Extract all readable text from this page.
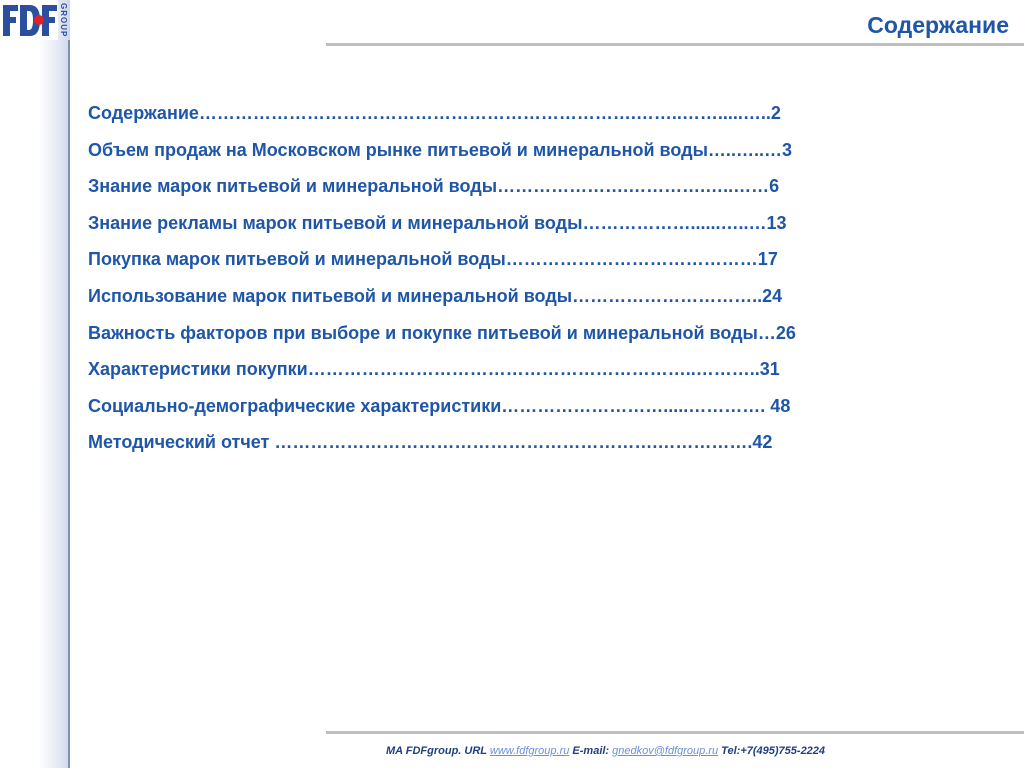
GROUP	Содержание
Содержание……………………………………………………………….……..…….....…..2
Объем продаж на Московском рынке питьевой и минеральной воды…..…..…3
Знание марок питьевой и минеральной воды………………….………….…..……6
Знание рекламы марок питьевой и минеральной воды………………......…..…13
Покупка марок питьевой и минеральной воды……………………………………17
Использование марок питьевой и минеральной воды…………………………..24
Важность факторов при выборе и покупке питьевой и минеральной воды…26
Характеристики покупки………………………………………………………..………..31
Социально-демографические характеристики……………………….....…………. 48
Методический отчет ……………………………………………………….…………….42
MA FDFgroup. URL www.fdfgroup.ru E-mail: gnedkov@fdfgroup.ru Tel:+7(495)755-2224
